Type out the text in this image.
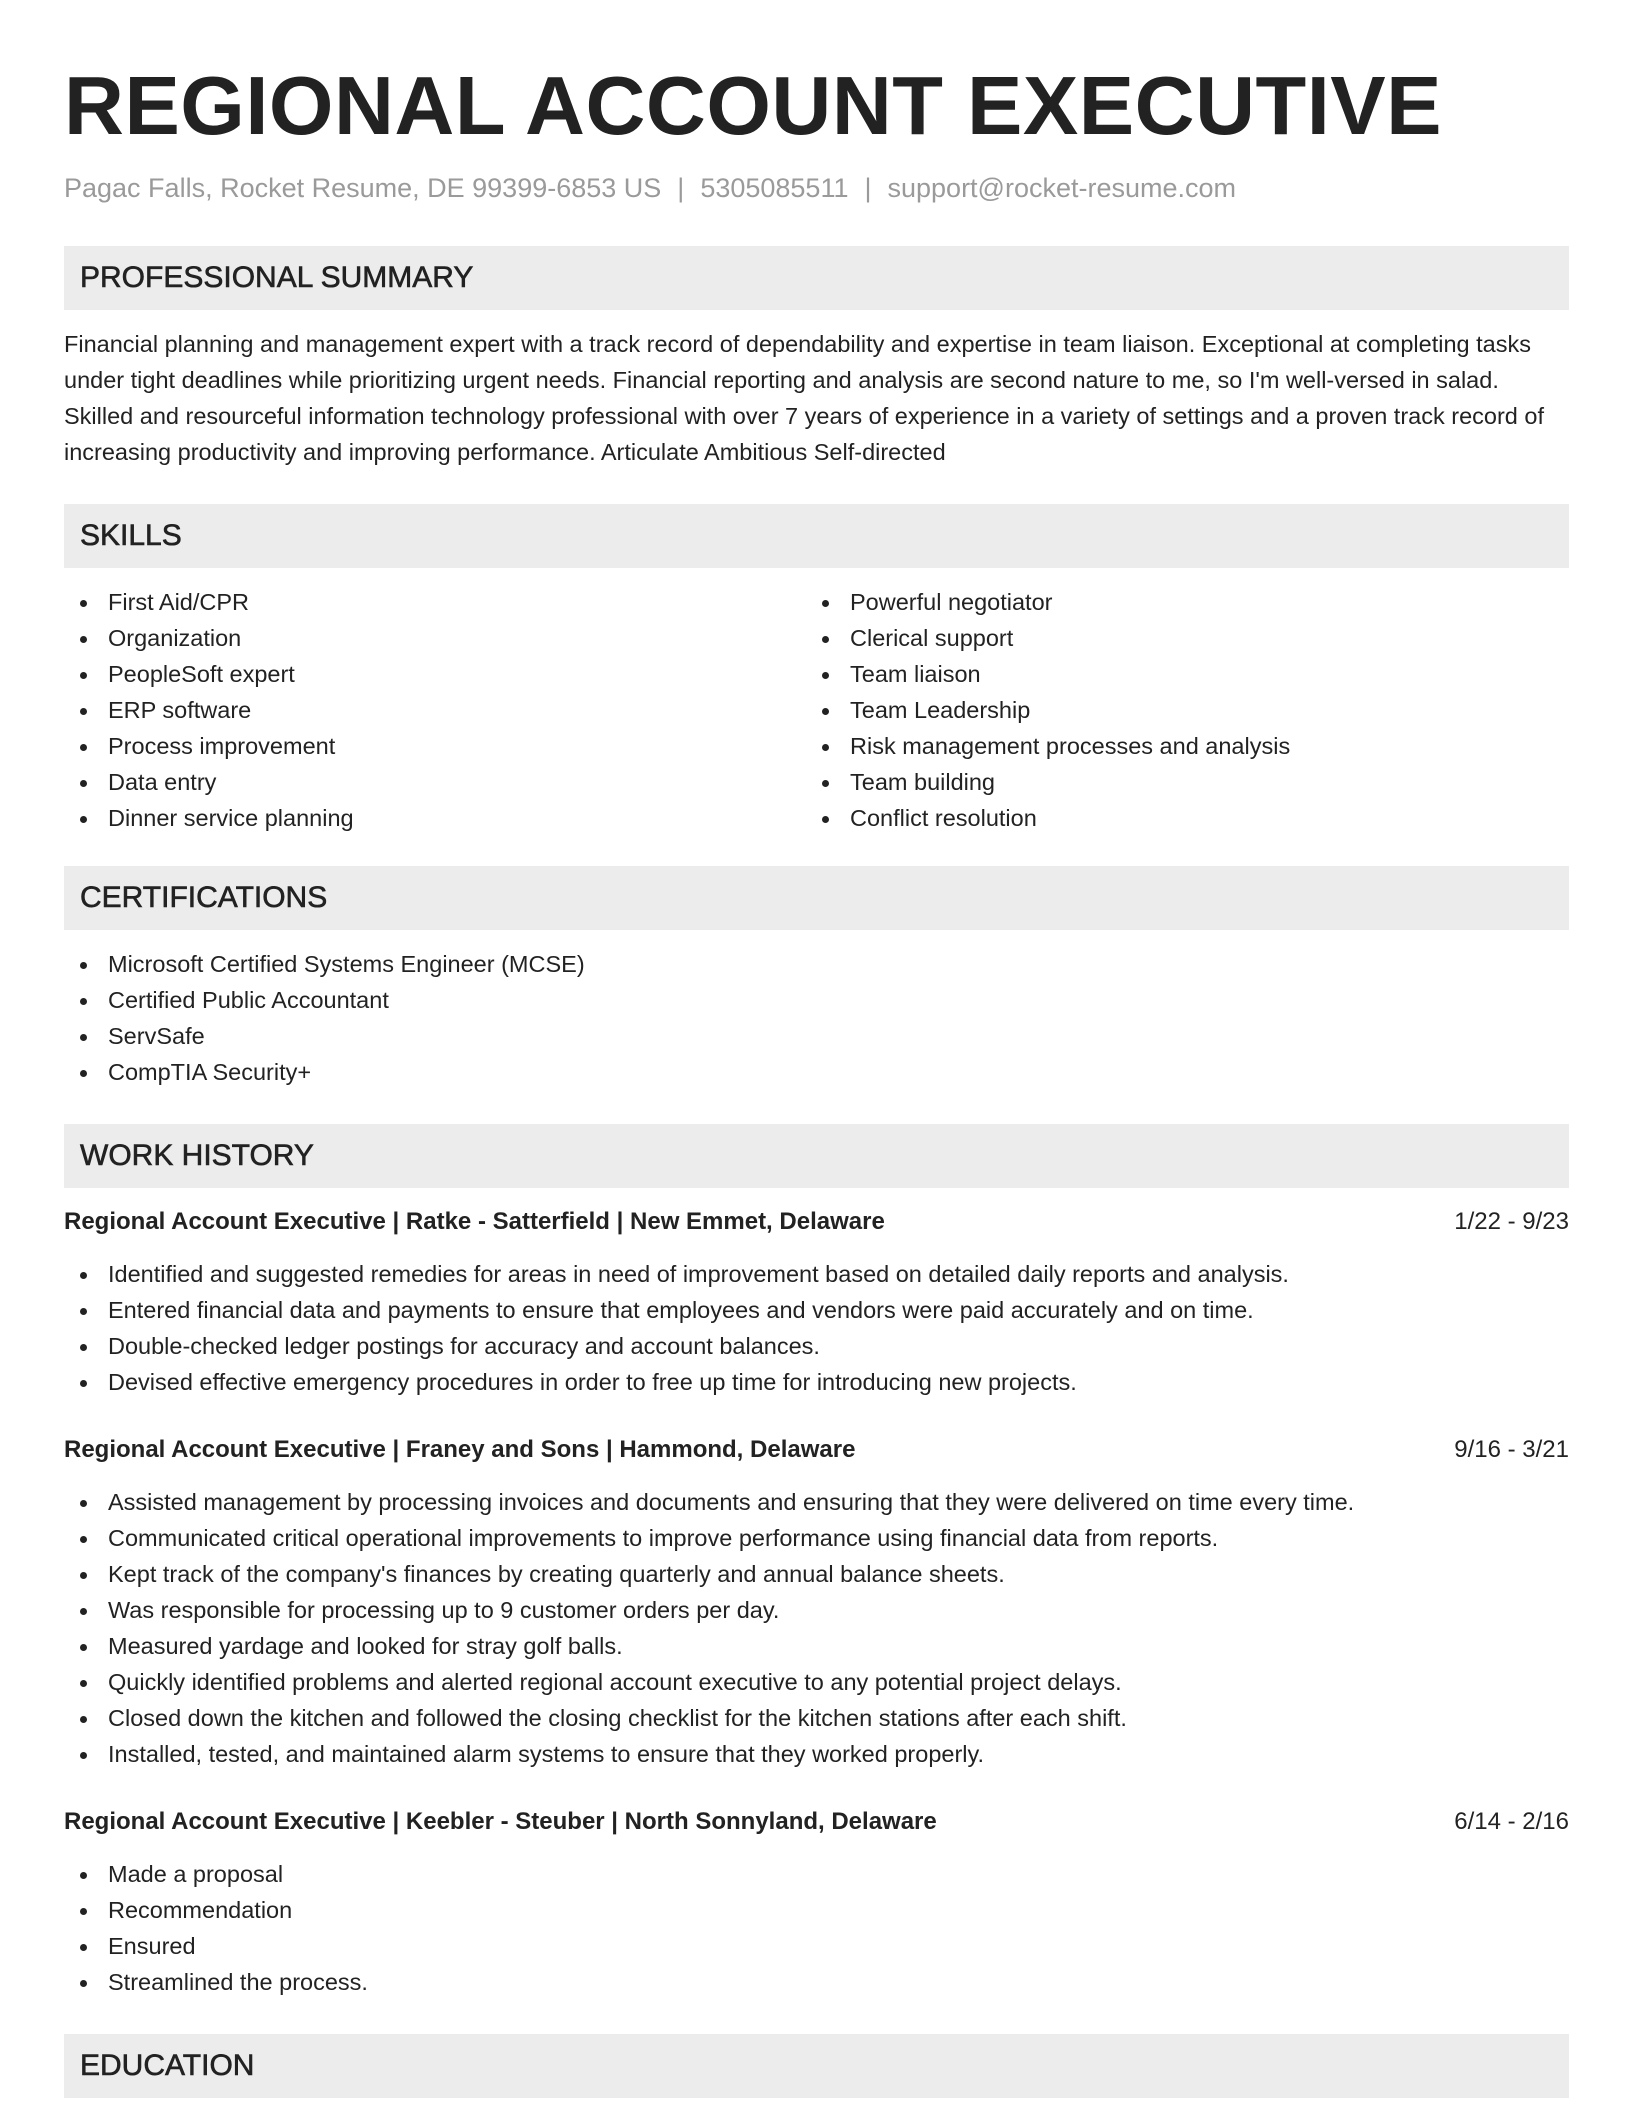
REGIONAL ACCOUNT EXECUTIVE
Pagac Falls, Rocket Resume, DE 99399-6853 US | 5305085511 | support@rocket-resume.com
PROFESSIONAL SUMMARY

Financial planning and management expert with a track record of dependability and expertise in team liaison. Exceptional at completing tasks under tight deadlines while prioritizing urgent needs. Financial reporting and analysis are second nature to me, so I'm well-versed in salad. Skilled and resourceful information technology professional with over 7 years of experience in a variety of settings and a proven track record of increasing productivity and improving performance. Articulate Ambitious Self-directed

SKILLS
First Aid/CPR
Organization
PeopleSoft expert
ERP software
Process improvement
Data entry
Dinner service planning
Powerful negotiator
Clerical support
Team liaison
Team Leadership
Risk management processes and analysis
Team building
Conflict resolution
CERTIFICATIONS
Microsoft Certified Systems Engineer (MCSE)
Certified Public Accountant
ServSafe
CompTIA Security+
WORK HISTORY
Regional Account Executive | Ratke - Satterfield | New Emmet, Delaware	1/22 - 9/23
Identified and suggested remedies for areas in need of improvement based on detailed daily reports and analysis.
Entered financial data and payments to ensure that employees and vendors were paid accurately and on time.
Double-checked ledger postings for accuracy and account balances.
Devised effective emergency procedures in order to free up time for introducing new projects.
Regional Account Executive | Franey and Sons | Hammond, Delaware	9/16 - 3/21
Assisted management by processing invoices and documents and ensuring that they were delivered on time every time.
Communicated critical operational improvements to improve performance using financial data from reports.
Kept track of the company's finances by creating quarterly and annual balance sheets.
Was responsible for processing up to 9 customer orders per day.
Measured yardage and looked for stray golf balls.
Quickly identified problems and alerted regional account executive to any potential project delays.
Closed down the kitchen and followed the closing checklist for the kitchen stations after each shift.
Installed, tested, and maintained alarm systems to ensure that they worked properly.
Regional Account Executive | Keebler - Steuber | North Sonnyland, Delaware	6/14 - 2/16
Made a proposal
Recommendation
Ensured
Streamlined the process.
EDUCATION
